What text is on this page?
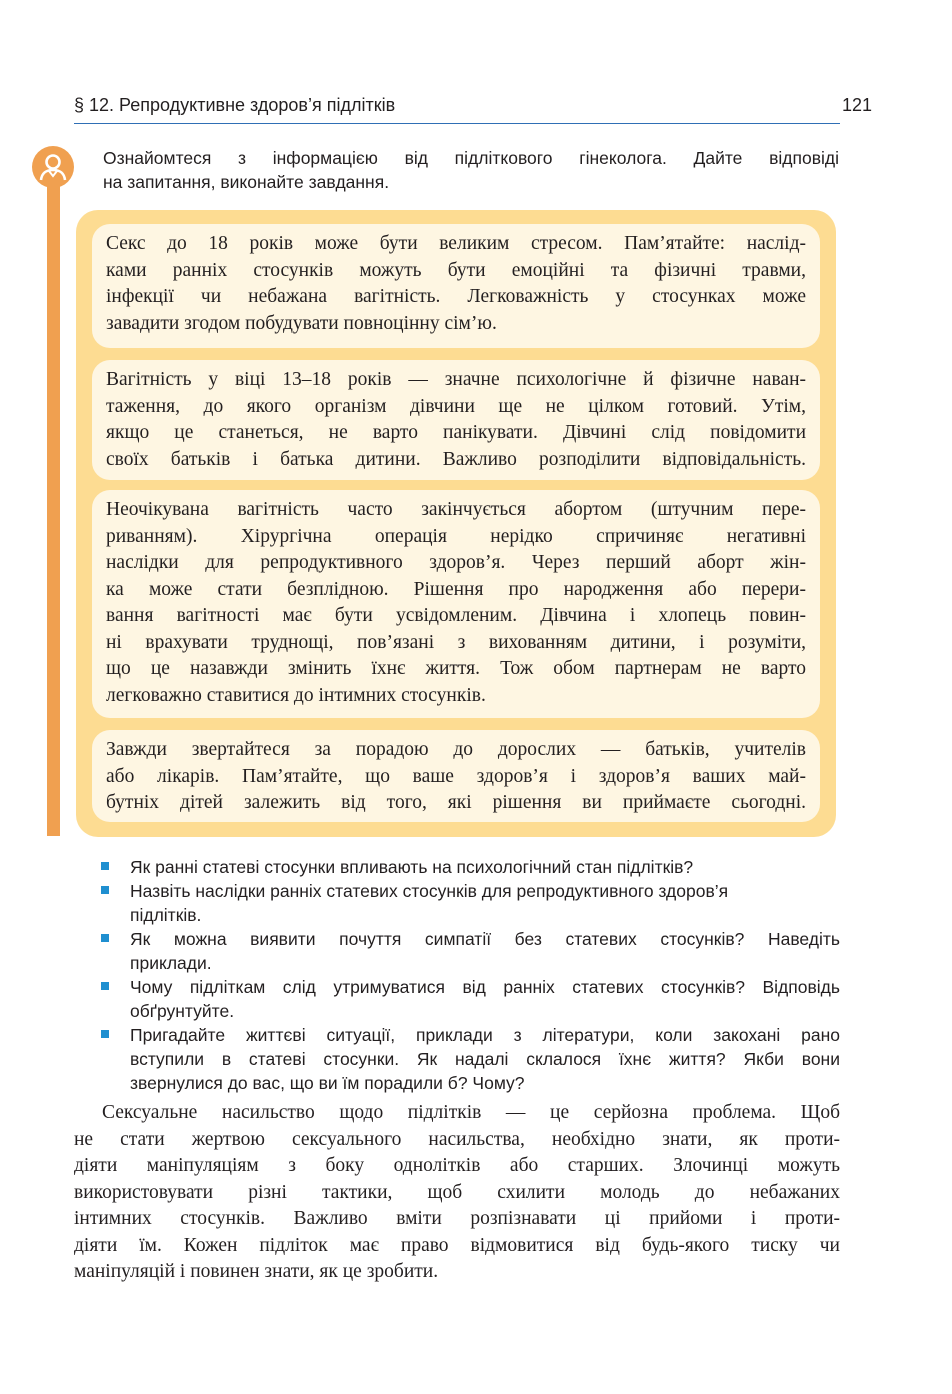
§ 12. Репродуктивне здоров’я підлітків	121
Ознайомтеся з інформацією від підліткового гінеколога. Дайте відповіді
на запитання, виконайте завдання.
Секс до 18 років може бути великим стресом. Пам’ятайте: наслід-
ками ранніх стосунків можуть бути емоційні та фізичні травми,
інфекції чи небажана вагітність. Легковажність у стосунках може
завадити згодом побудувати повноцінну сім’ю.
Вагітність у віці 13–18 років — значне психологічне й фізичне наван-
таження, до якого організм дівчини ще не цілком готовий. Утім,
якщо це станеться, не варто панікувати. Дівчині слід повідомити
своїх батьків і батька дитини. Важливо розподілити відповідальність.
Неочікувана вагітність часто закінчується абортом (штучним пере-
риванням). Хірургічна операція нерідко спричиняє негативні
наслідки для репродуктивного здоров’я. Через перший аборт жін-
ка може стати безплідною. Рішення про народження або перери-
вання вагітності має бути усвідомленим. Дівчина і хлопець повин-
ні врахувати труднощі, пов’язані з вихованням дитини, і розуміти,
що це назавжди змінить їхнє життя. Тож обом партнерам не варто
легковажно ставитися до інтимних стосунків.
Завжди звертайтеся за порадою до дорослих — батьків, учителів
або лікарів. Пам’ятайте, що ваше здоров’я і здоров’я ваших май-
бутніх дітей залежить від того, які рішення ви приймаєте сьогодні.
Як ранні статеві стосунки впливають на психологічний стан підлітків?
Назвіть наслідки ранніх статевих стосунків для репродуктивного здоров’я
підлітків.
Як можна виявити почуття симпатії без статевих стосунків? Наведіть
приклади.
Чому підліткам слід утримуватися від ранніх статевих стосунків? Відповідь
обґрунтуйте.
Пригадайте життєві ситуації, приклади з літератури, коли закохані рано
вступили в статеві стосунки. Як надалі склалося їхнє життя? Якби вони
звернулися до вас, що ви їм порадили б? Чому?
Сексуальне насильство щодо підлітків — це серйозна проблема. Щоб
не стати жертвою сексуального насильства, необхідно знати, як проти-
діяти маніпуляціям з боку однолітків або старших. Злочинці можуть
використовувати різні тактики, щоб схилити молодь до небажаних
інтимних стосунків. Важливо вміти розпізнавати ці прийоми і проти-
діяти їм. Кожен підліток має право відмовитися від будь-якого тиску чи
маніпуляцій і повинен знати, як це зробити.
